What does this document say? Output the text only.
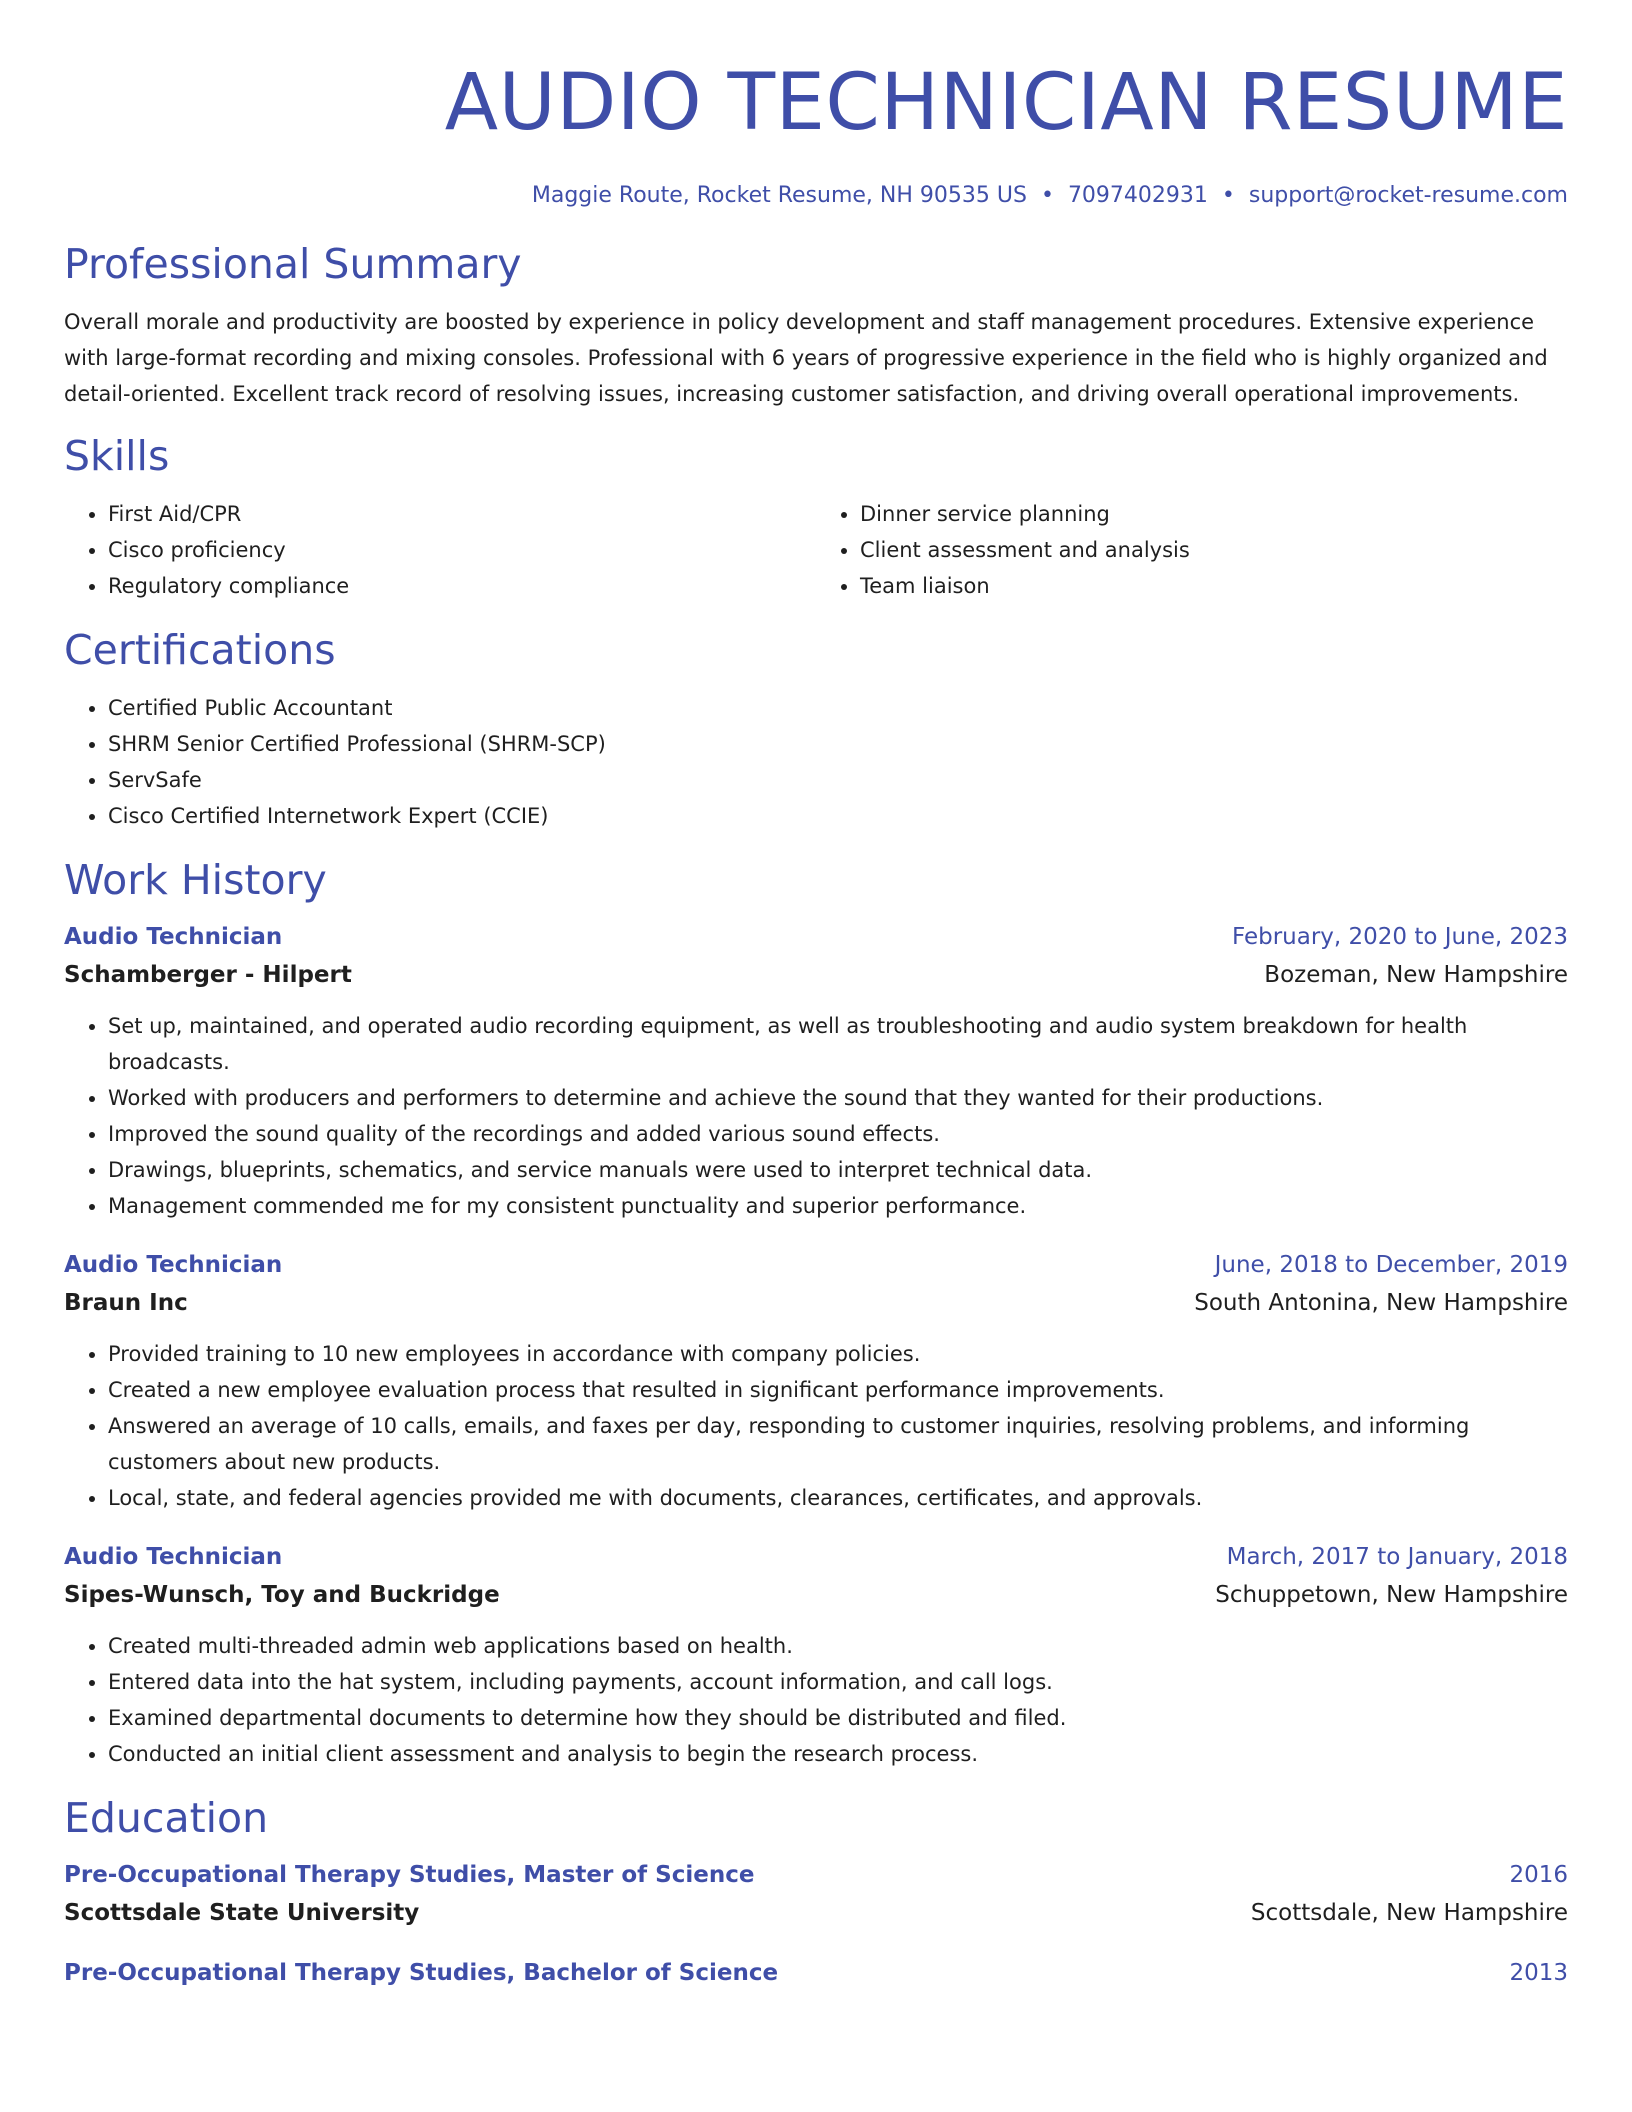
AUDIO TECHNICIAN RESUME
Maggie Route, Rocket Resume, NH 90535 US • 7097402931 • support@rocket-resume.com
Professional Summary

Overall morale and productivity are boosted by experience in policy development and staff management procedures. Extensive experience with large-format recording and mixing consoles. Professional with 6 years of progressive experience in the field who is highly organized and detail-oriented. Excellent track record of resolving issues, increasing customer satisfaction, and driving overall operational improvements.

Skills
• First Aid/CPR
• Cisco proficiency
• Regulatory compliance
• Dinner service planning
• Client assessment and analysis
• Team liaison
Certifications
• Certified Public Accountant
• SHRM Senior Certified Professional (SHRM-SCP)
• ServSafe
• Cisco Certified Internetwork Expert (CCIE)
Work History
Audio Technician	February, 2020 to June, 2023
Schamberger - Hilpert	Bozeman, New Hampshire
• Set up, maintained, and operated audio recording equipment, as well as troubleshooting and audio system breakdown for health broadcasts.
• Worked with producers and performers to determine and achieve the sound that they wanted for their productions.
• Improved the sound quality of the recordings and added various sound effects.
• Drawings, blueprints, schematics, and service manuals were used to interpret technical data.
• Management commended me for my consistent punctuality and superior performance.
Audio Technician	June, 2018 to December, 2019
Braun Inc	South Antonina, New Hampshire
• Provided training to 10 new employees in accordance with company policies.
• Created a new employee evaluation process that resulted in significant performance improvements.
• Answered an average of 10 calls, emails, and faxes per day, responding to customer inquiries, resolving problems, and informing customers about new products.
• Local, state, and federal agencies provided me with documents, clearances, certificates, and approvals.
Audio Technician	March, 2017 to January, 2018
Sipes-Wunsch, Toy and Buckridge	Schuppetown, New Hampshire
• Created multi-threaded admin web applications based on health.
• Entered data into the hat system, including payments, account information, and call logs.
• Examined departmental documents to determine how they should be distributed and filed.
• Conducted an initial client assessment and analysis to begin the research process.
Education
Pre-Occupational Therapy Studies, Master of Science	2016
Scottsdale State University	Scottsdale, New Hampshire
Pre-Occupational Therapy Studies, Bachelor of Science	2013
